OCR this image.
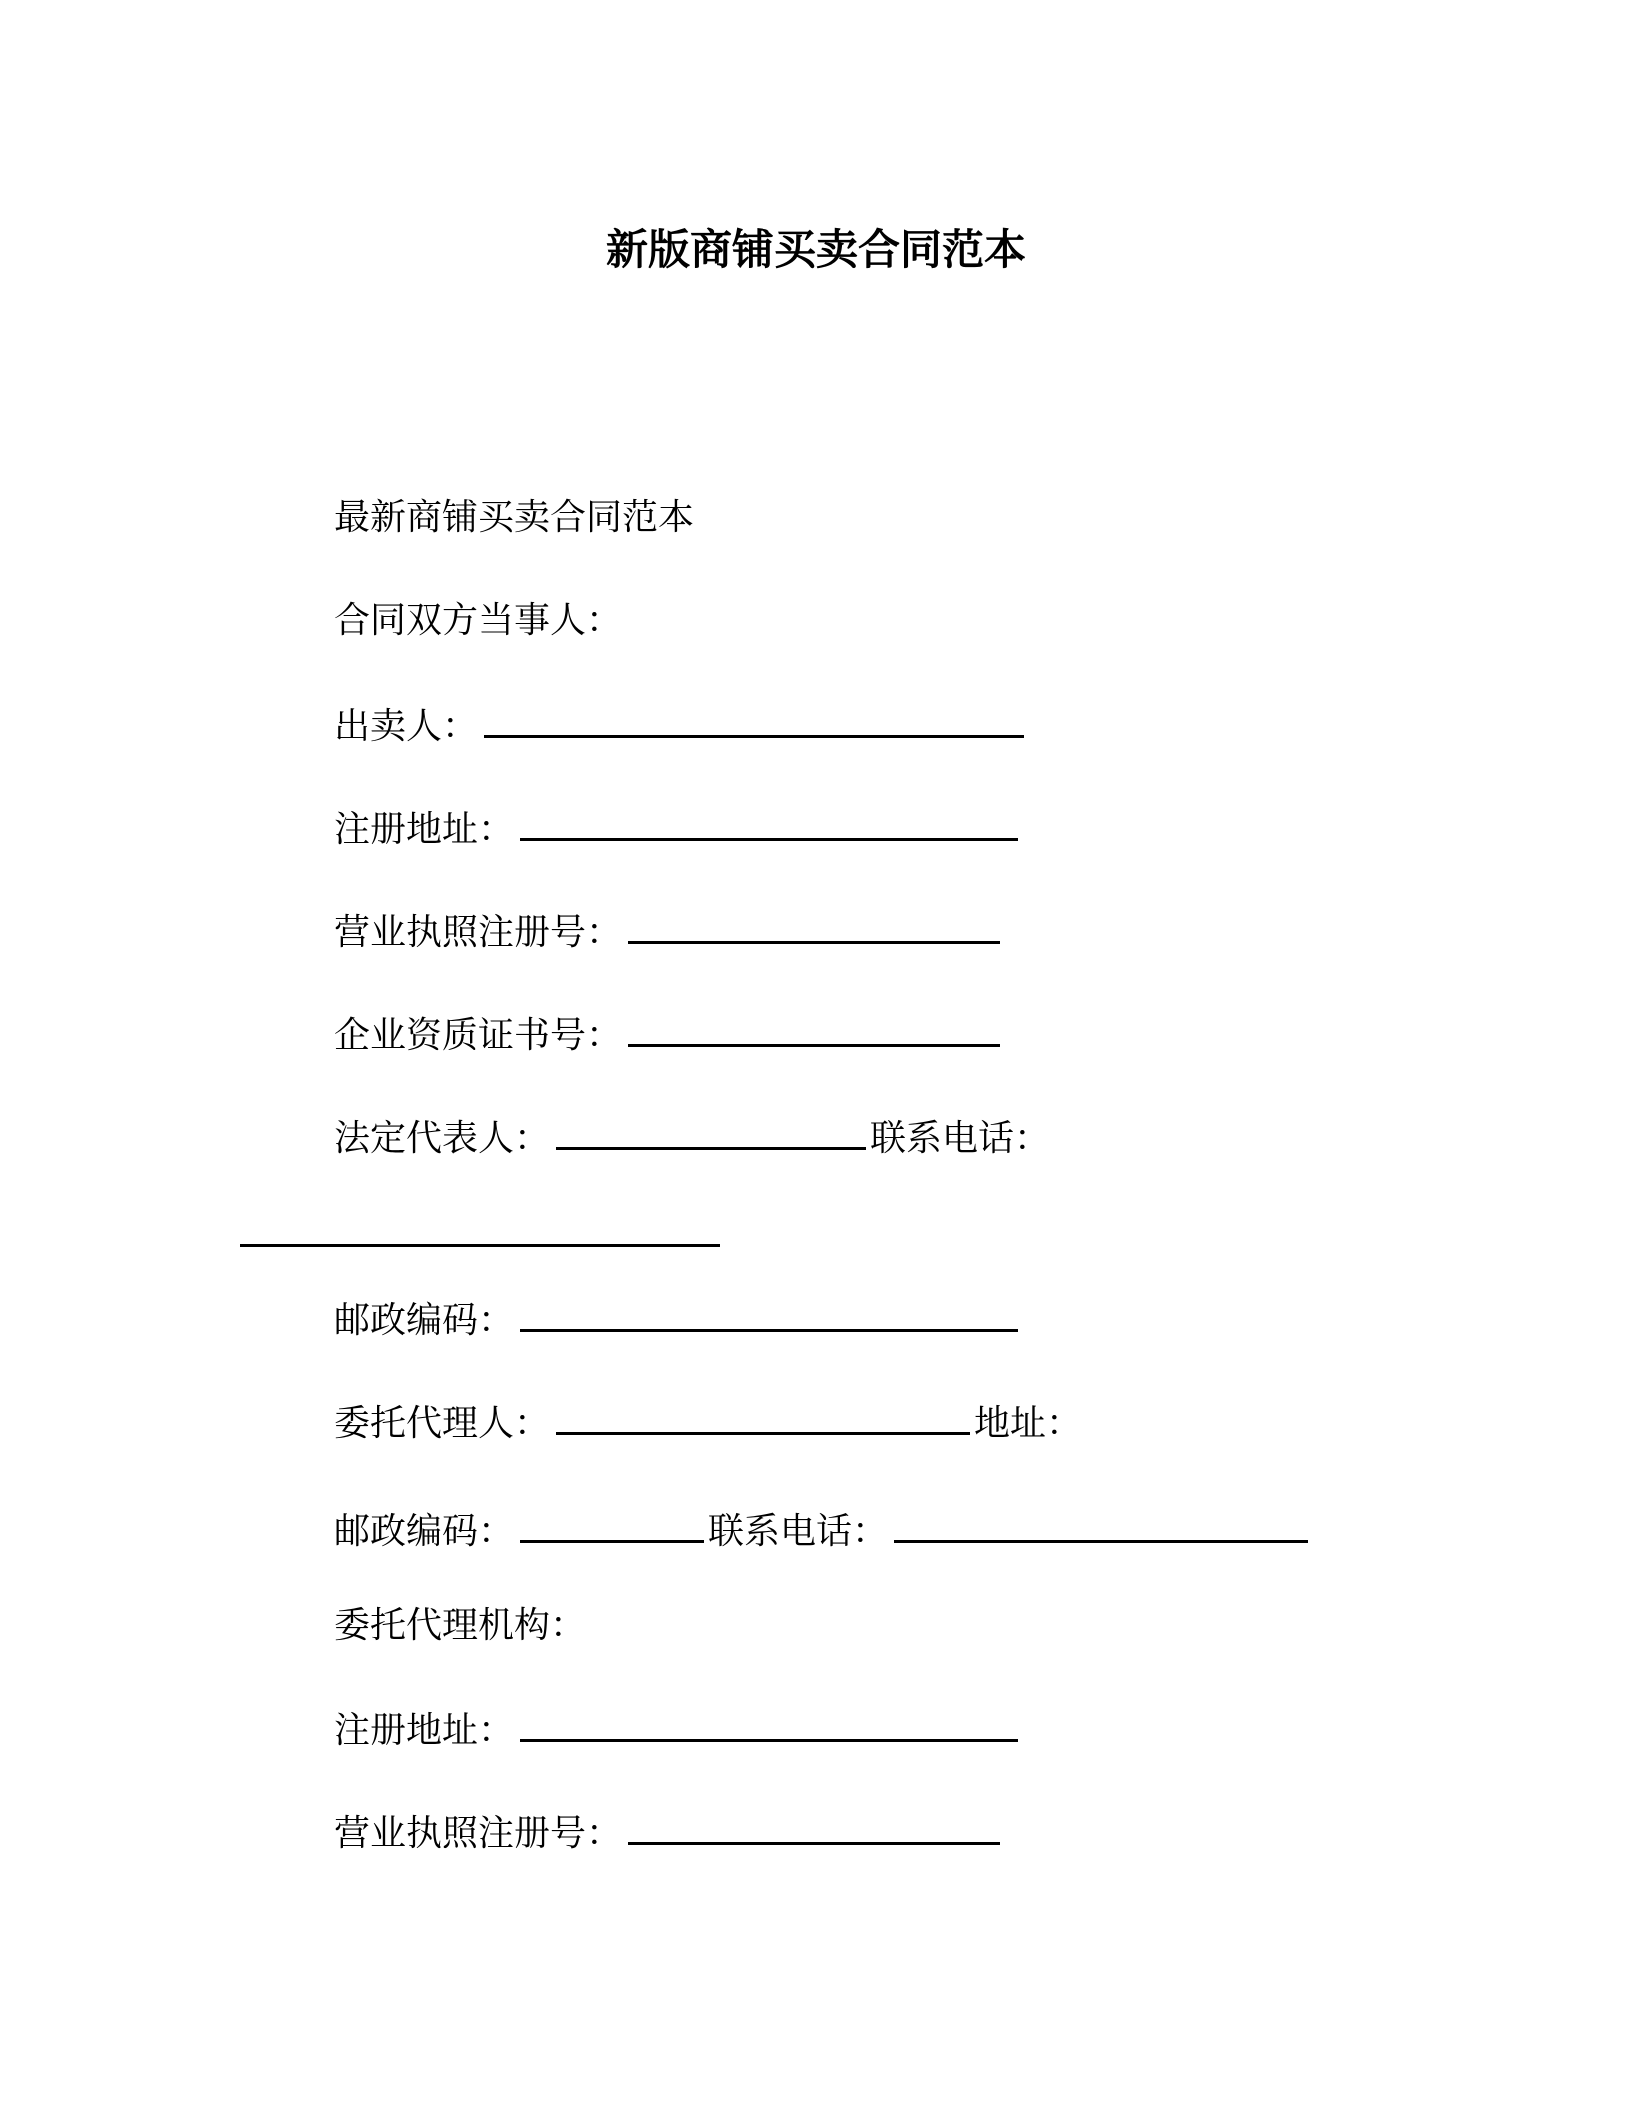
新版商铺买卖合同范本
最新商铺买卖合同范本
合同双方当事人：
出卖人：
注册地址：
营业执照注册号：
企业资质证书号：
法定代表人：	联系电话：
邮政编码：
委托代理人：	地址：
邮政编码：	联系电话：
委托代理机构：
注册地址：
营业执照注册号：
